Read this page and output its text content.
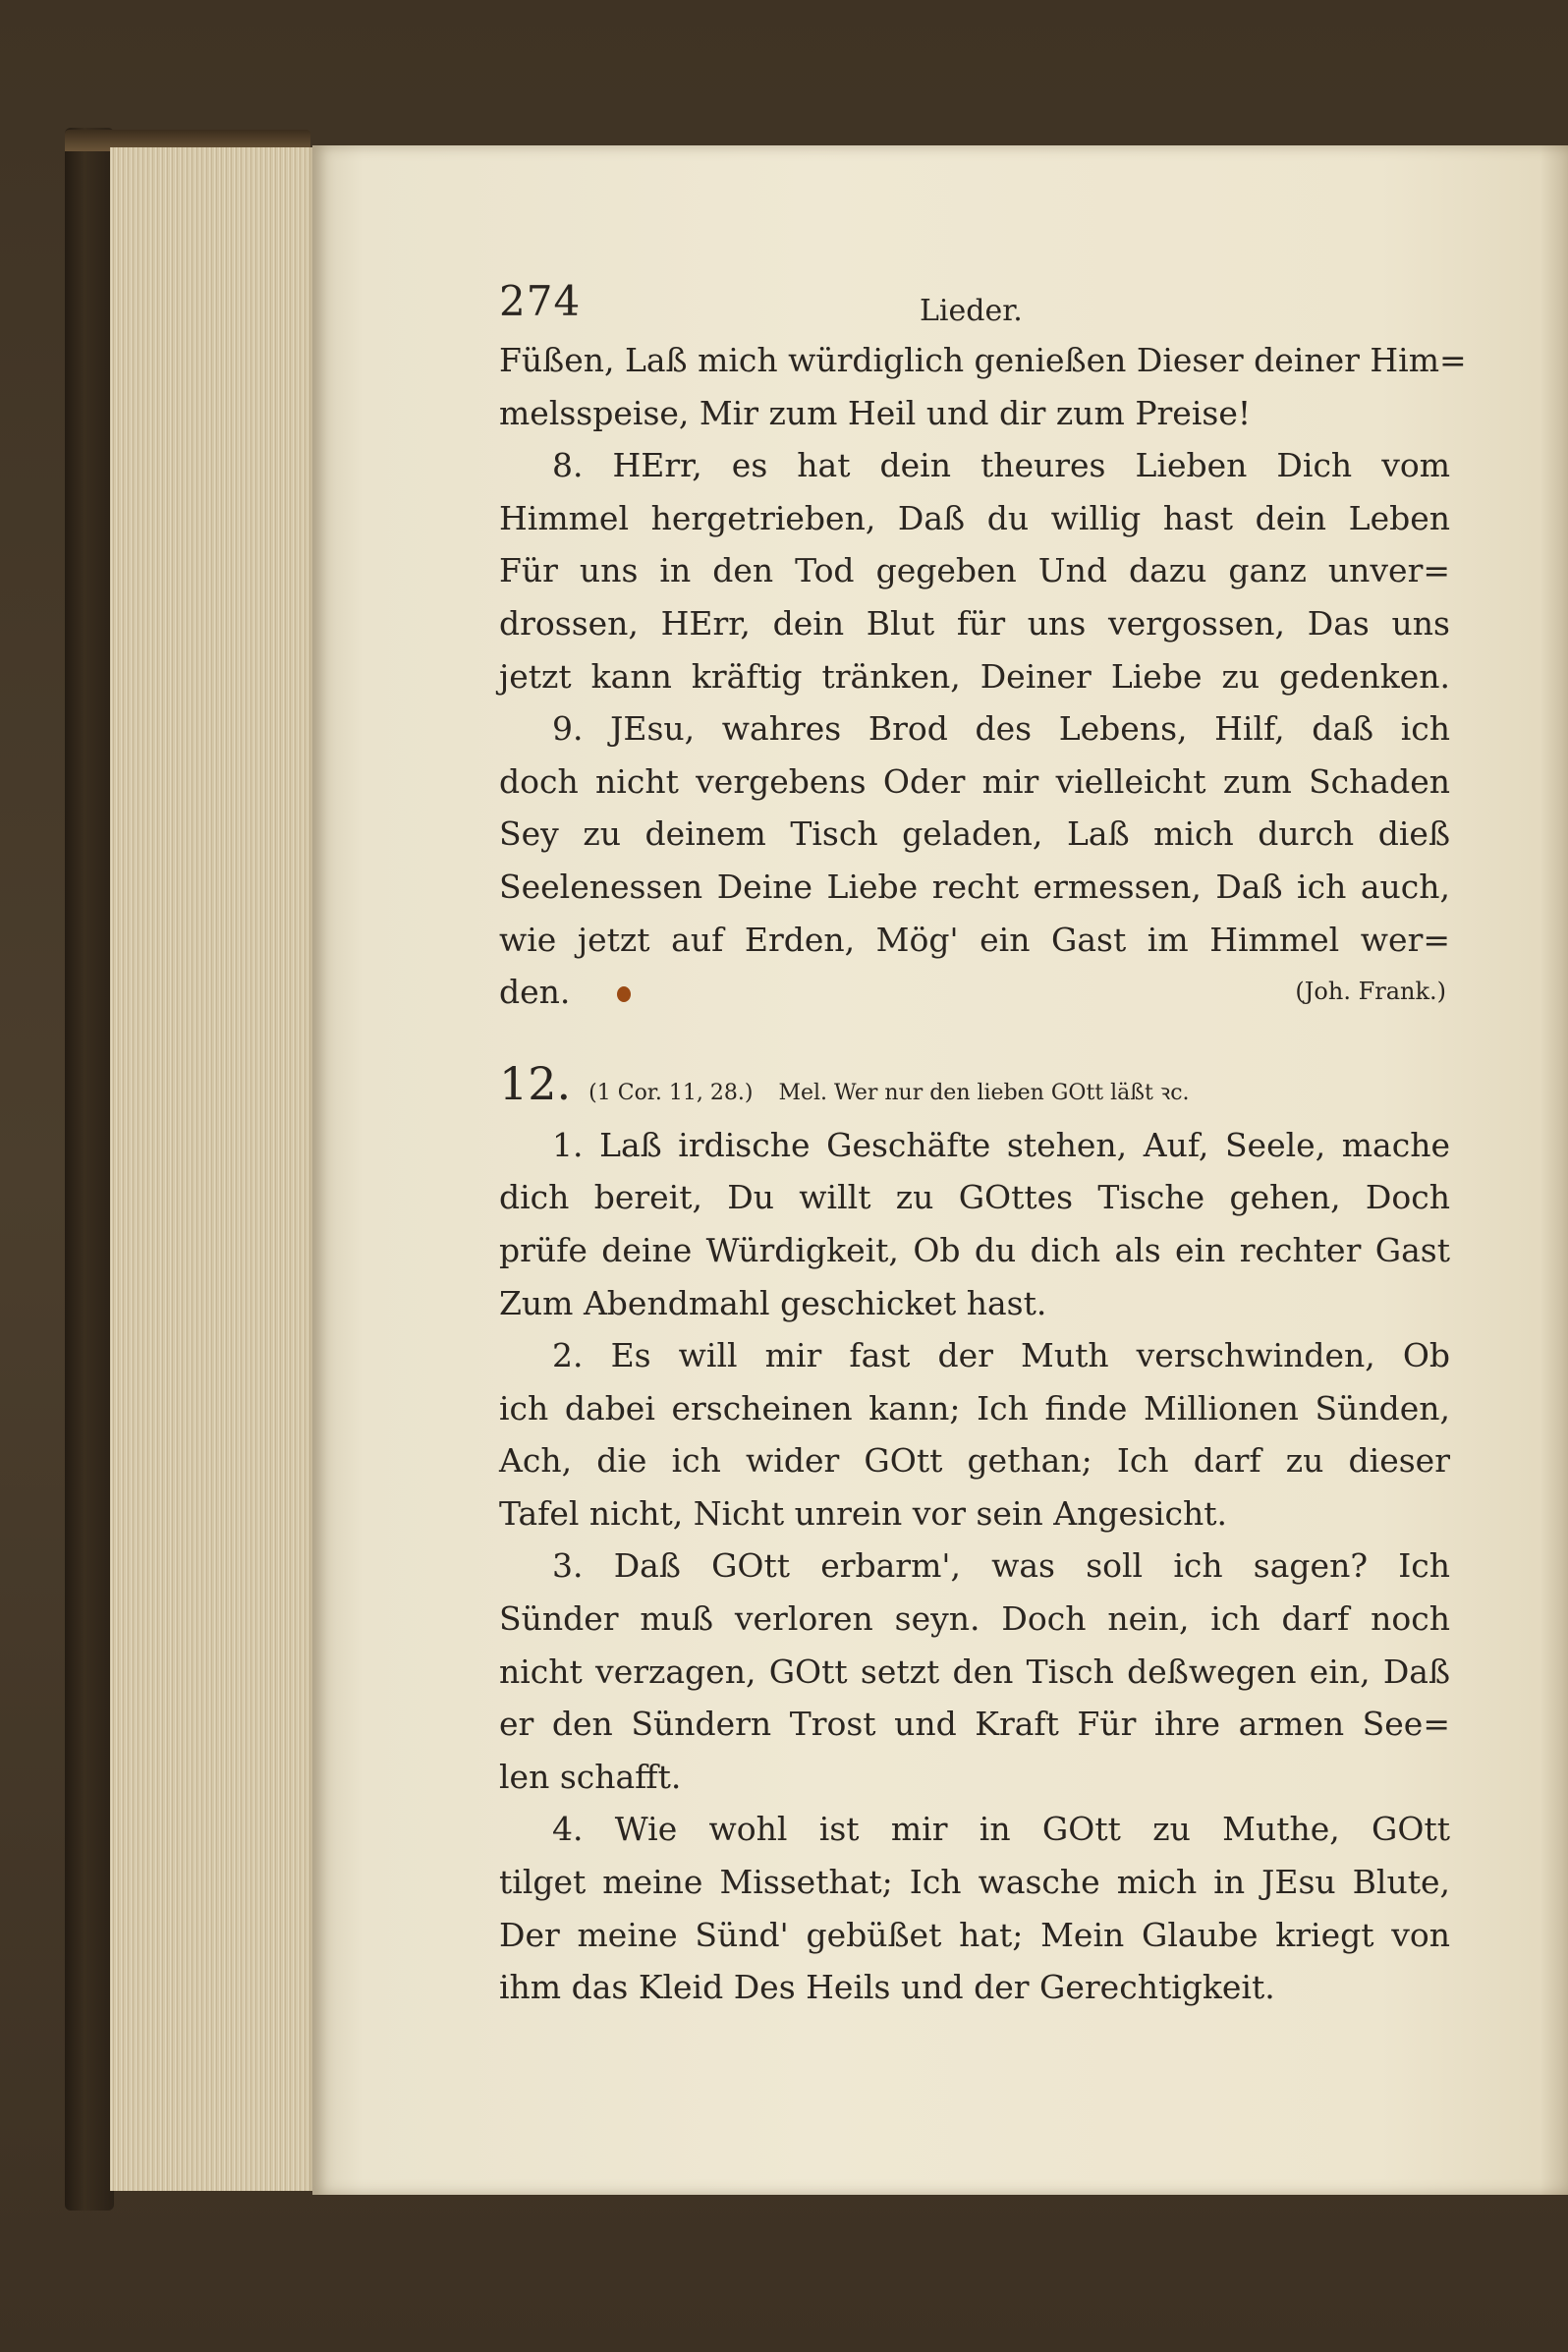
274	Lieder.
Füßen, Laß mich würdiglich genießen Dieser deiner Him=
melsspeise, Mir zum Heil und dir zum Preise!
8. HErr, es hat dein theures Lieben Dich vom
Himmel hergetrieben, Daß du willig hast dein Leben
Für uns in den Tod gegeben Und dazu ganz unver=
drossen, HErr, dein Blut für uns vergossen, Das uns
jetzt kann kräftig tränken, Deiner Liebe zu gedenken.
9. JEsu, wahres Brod des Lebens, Hilf, daß ich
doch nicht vergebens Oder mir vielleicht zum Schaden
Sey zu deinem Tisch geladen, Laß mich durch dieß
Seelenessen Deine Liebe recht ermessen, Daß ich auch,
wie jetzt auf Erden, Mög' ein Gast im Himmel wer=
den.	(Joh. Frank.)
12. (1 Cor. 11, 28.) Mel. Wer nur den lieben GOtt läßt ꝛc.
1. Laß irdische Geschäfte stehen, Auf, Seele, mache
dich bereit, Du willt zu GOttes Tische gehen, Doch
prüfe deine Würdigkeit, Ob du dich als ein rechter Gast
Zum Abendmahl geschicket hast.
2. Es will mir fast der Muth verschwinden, Ob
ich dabei erscheinen kann; Ich finde Millionen Sünden,
Ach, die ich wider GOtt gethan; Ich darf zu dieser
Tafel nicht, Nicht unrein vor sein Angesicht.
3. Daß GOtt erbarm', was soll ich sagen? Ich
Sünder muß verloren seyn. Doch nein, ich darf noch
nicht verzagen, GOtt setzt den Tisch deßwegen ein, Daß
er den Sündern Trost und Kraft Für ihre armen See=
len schafft.
4. Wie wohl ist mir in GOtt zu Muthe, GOtt
tilget meine Missethat; Ich wasche mich in JEsu Blute,
Der meine Sünd' gebüßet hat; Mein Glaube kriegt von
ihm das Kleid Des Heils und der Gerechtigkeit.
